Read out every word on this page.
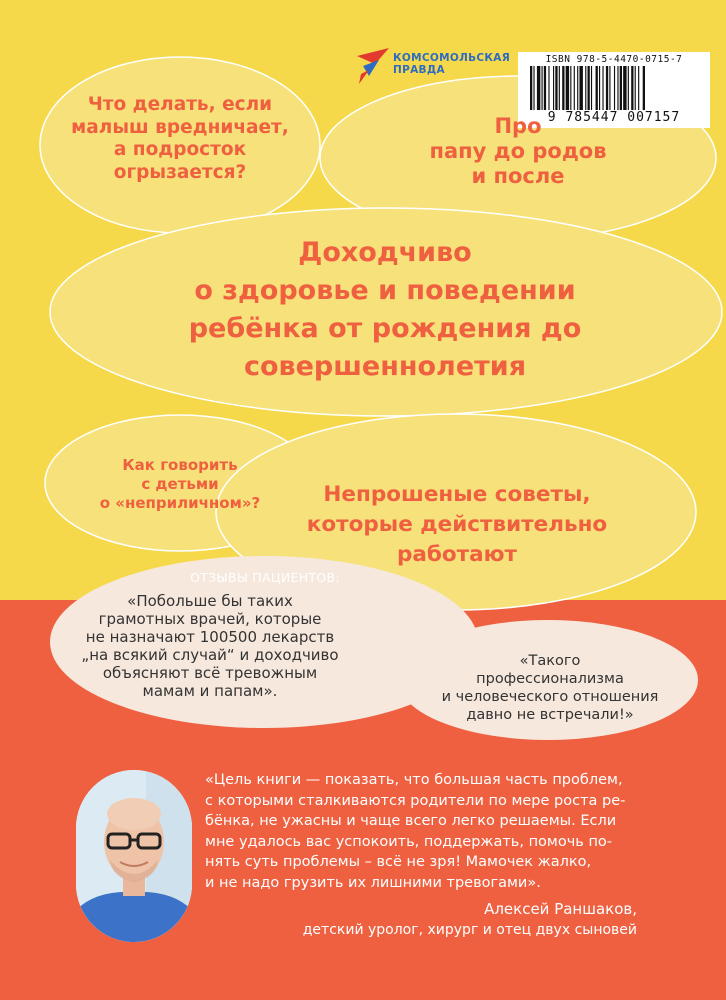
КОМСОМОЛЬСКАЯ
ПРАВДА
ISBN 978-5-4470-0715-7
9 785447 007157
Что делать, если
малыш вредничает,
а подросток
огрызается?
Про
папу до родов
и после
Доходчиво
о здоровье и поведении
ребёнка от рождения до
совершеннолетия
Как говорить
с детьми
о «неприличном»?	Непрошеные советы,
которые действительно
работают
ОТЗЫВЫ ПАЦИЕНТОВ:
«Побольше бы таких
грамотных врачей, которые
не назначают 100500 лекарств
„на всякий случай“ и доходчиво
объясняют всё тревожным
мамам и папам».
«Такого
профессионализма
и человеческого отношения
давно не встречали!»
«Цель книги — показать, что большая часть проблем,
с которыми сталкиваются родители по мере роста ре-
бёнка, не ужасны и чаще всего легко решаемы. Если
мне удалось вас успокоить, поддержать, помочь по-
нять суть проблемы – всё не зря! Мамочек жалко,
и не надо грузить их лишними тревогами».
Алексей Раншаков,
детский уролог, хирург и отец двух сыновей
